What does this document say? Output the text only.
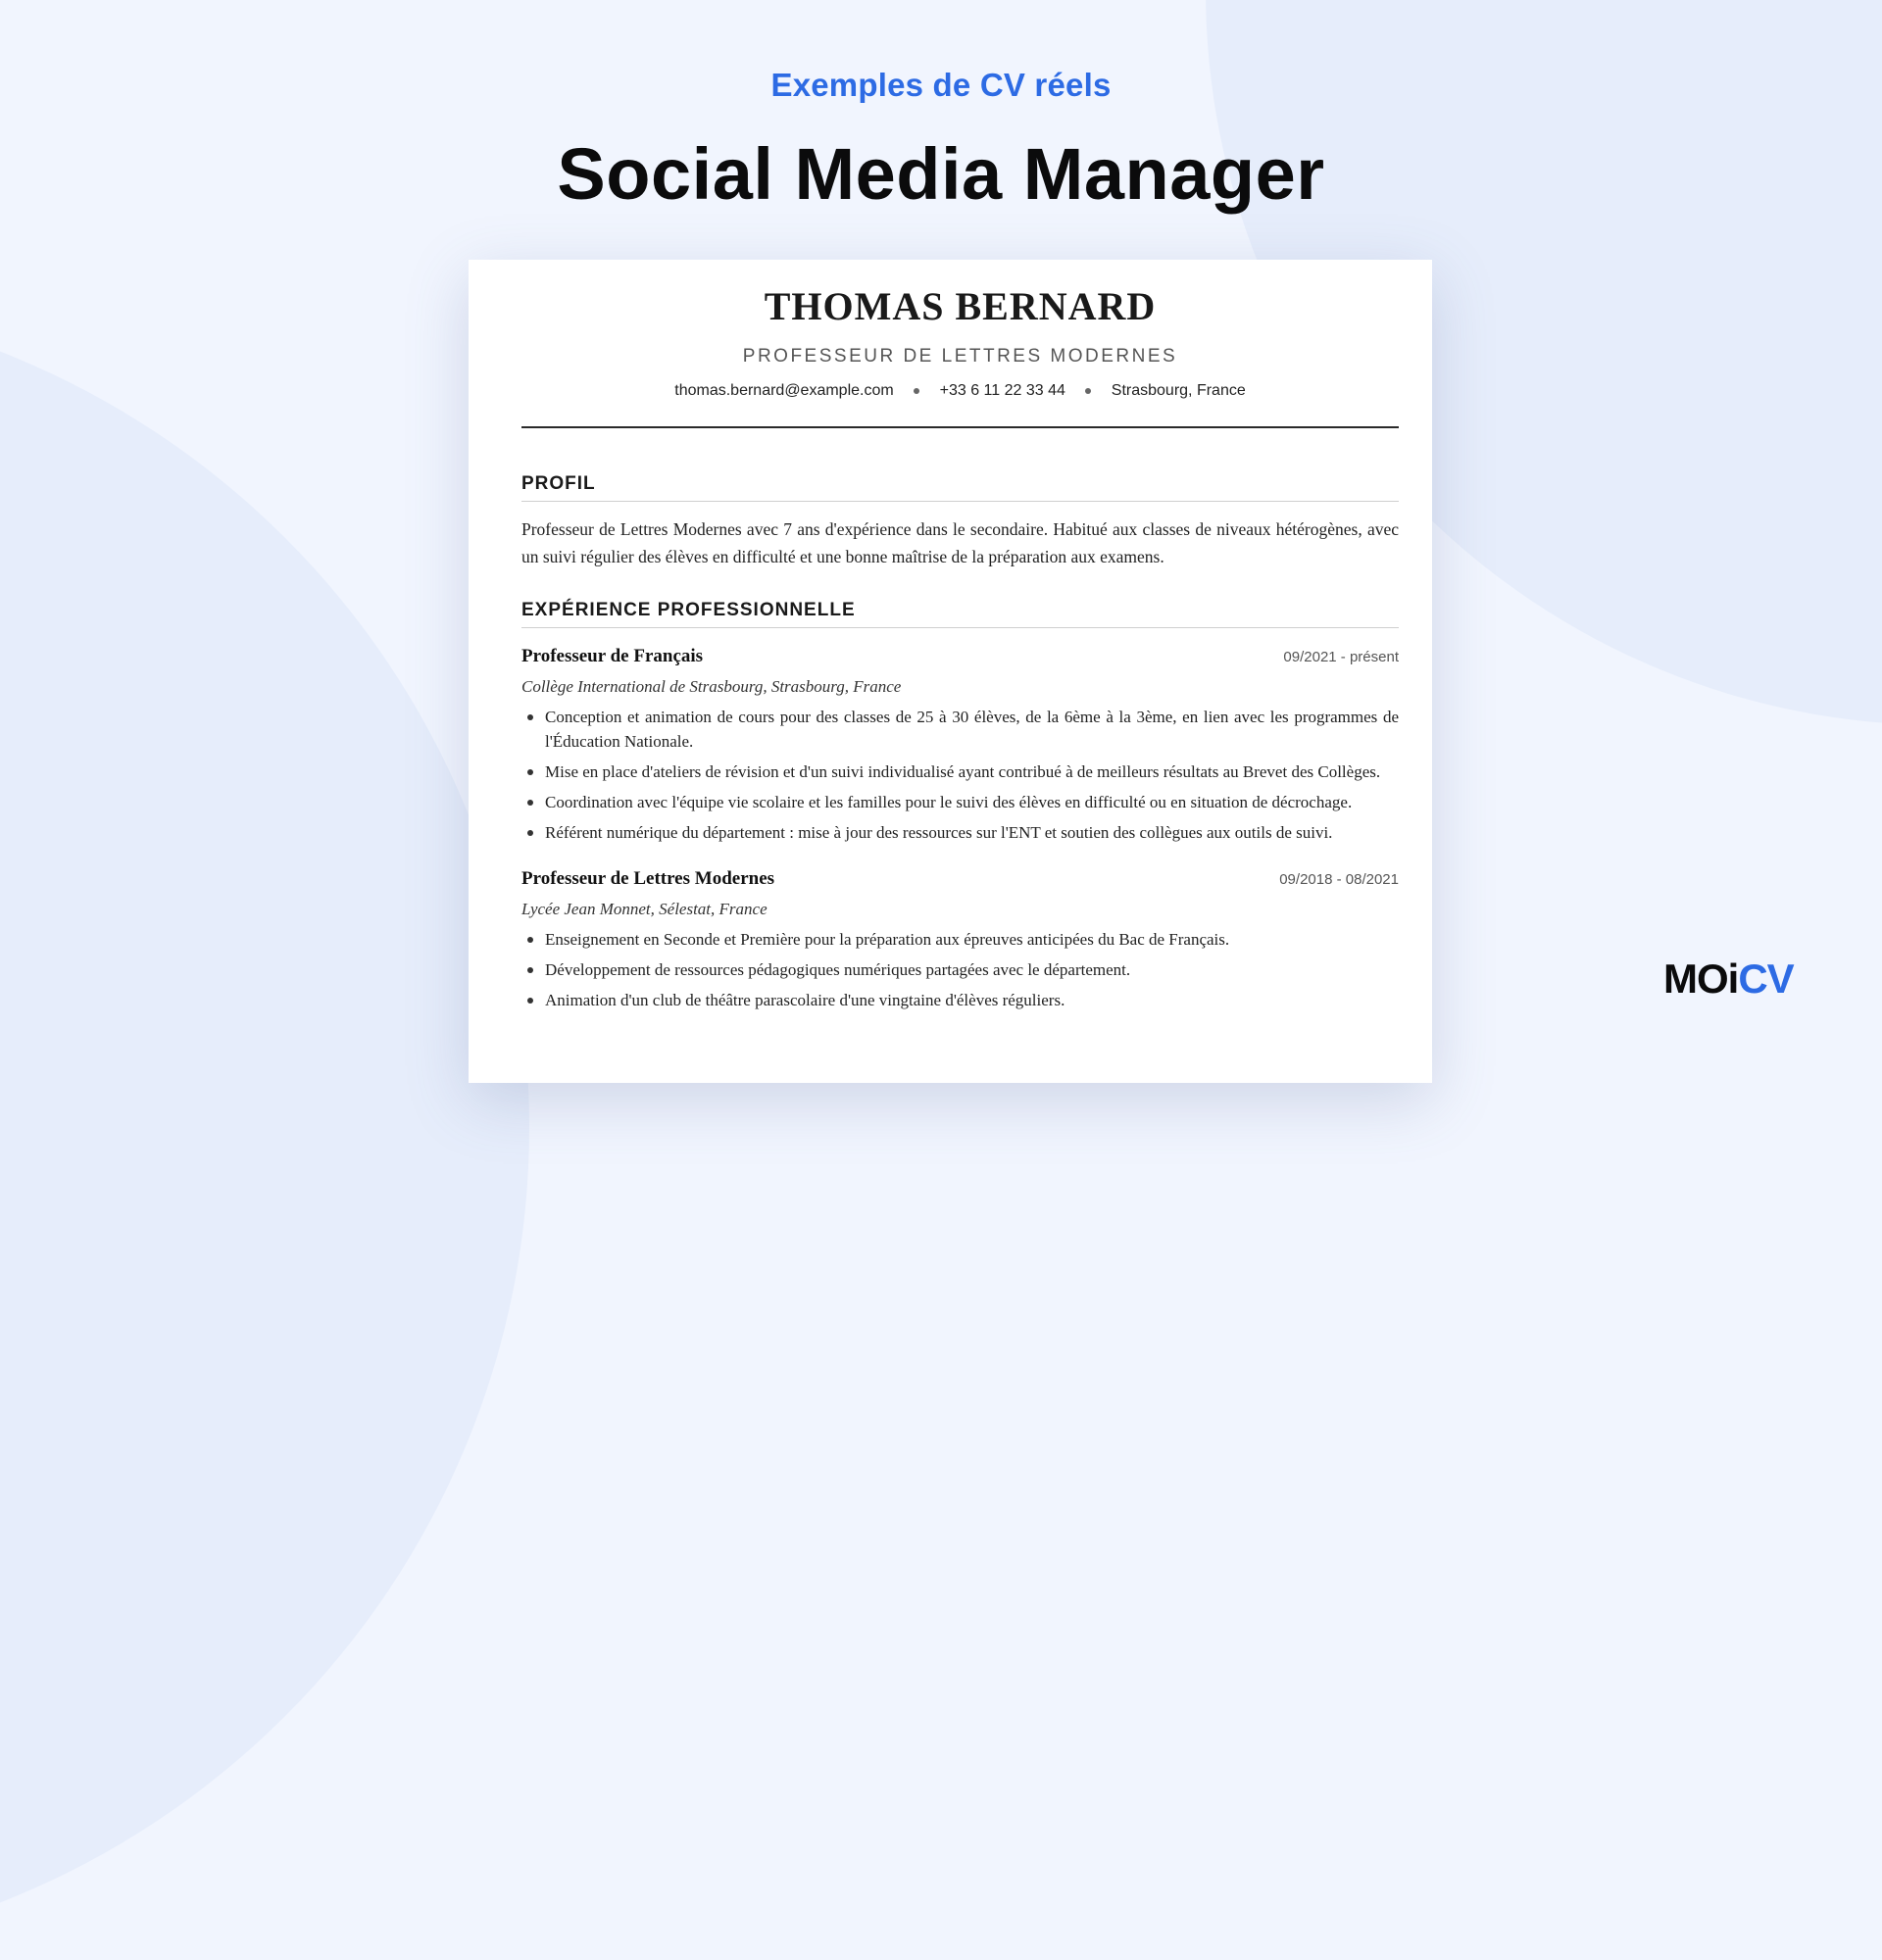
Exemples de CV réels
Social Media Manager
THOMAS BERNARD
PROFESSEUR DE LETTRES MODERNES
thomas.bernard@example.com	+33 6 11 22 33 44	Strasbourg, France
PROFIL
Professeur de Lettres Modernes avec 7 ans d'expérience dans le secondaire. Habitué aux classes de niveaux hétérogènes, avec un suivi régulier des élèves en difficulté et une bonne maîtrise de la préparation aux examens.
EXPÉRIENCE PROFESSIONNELLE
Professeur de Français	09/2021 - présent
Collège International de Strasbourg, Strasbourg, France
Conception et animation de cours pour des classes de 25 à 30 élèves, de la 6ème à la 3ème, en lien avec les programmes de l'Éducation Nationale.
Mise en place d'ateliers de révision et d'un suivi individualisé ayant contribué à de meilleurs résultats au Brevet des Collèges.
Coordination avec l'équipe vie scolaire et les familles pour le suivi des élèves en difficulté ou en situation de décrochage.
Référent numérique du département : mise à jour des ressources sur l'ENT et soutien des collègues aux outils de suivi.
Professeur de Lettres Modernes	09/2018 - 08/2021
Lycée Jean Monnet, Sélestat, France
Enseignement en Seconde et Première pour la préparation aux épreuves anticipées du Bac de Français.
Développement de ressources pédagogiques numériques partagées avec le département.
Animation d'un club de théâtre parascolaire d'une vingtaine d'élèves réguliers.	MOiCV
